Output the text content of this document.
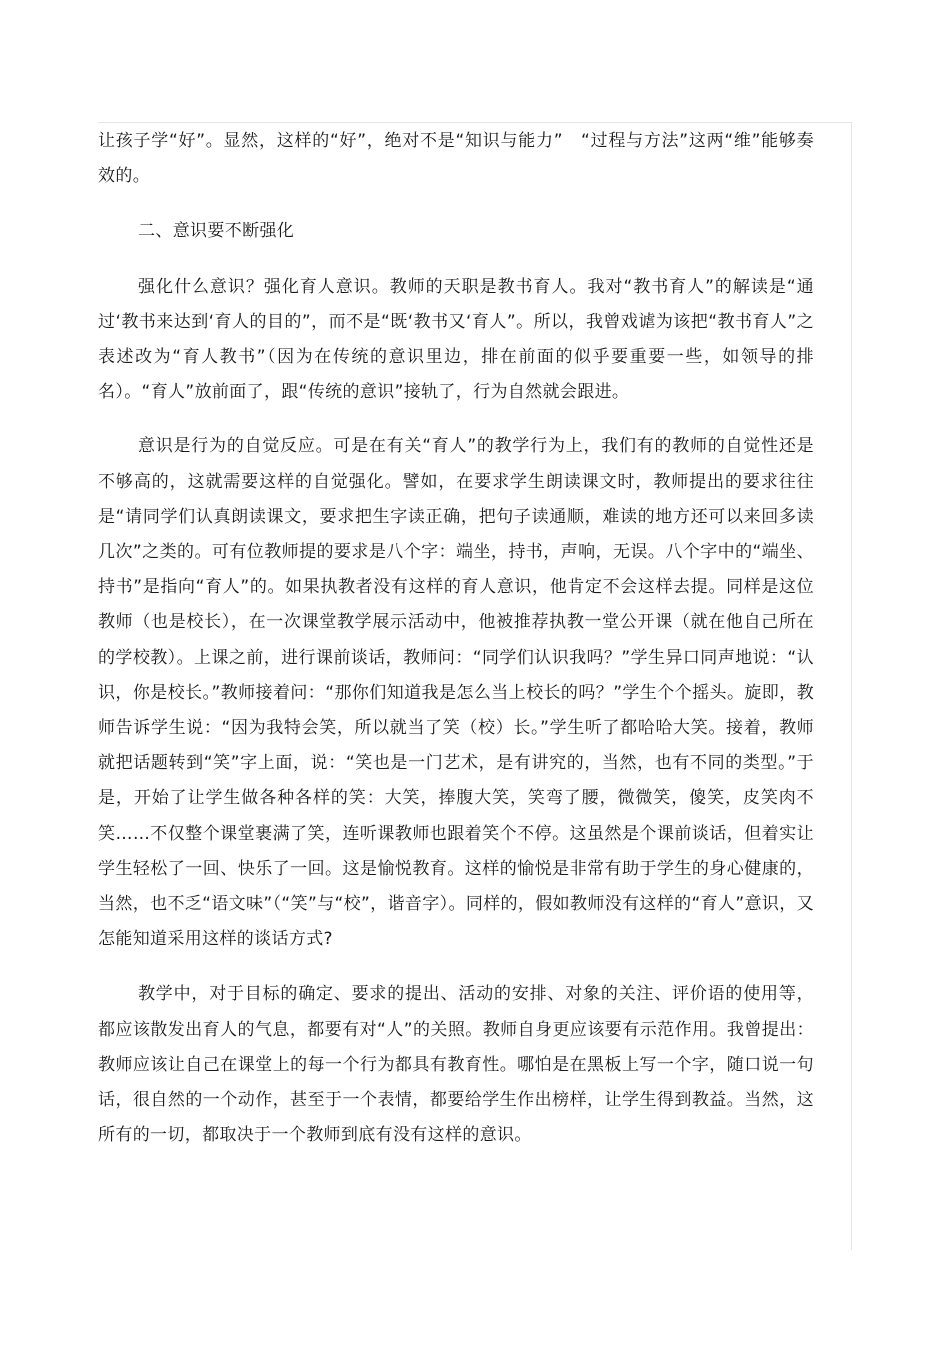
让孩子学“好”。显然，这样的“好”，绝对不是“知识与能力”　“过程与方法”这两“维”能够奏效的。

二、意识要不断强化

强化什么意识？强化育人意识。教师的天职是教书育人。我对“教书育人”的解读是“通过‘教书来达到‘育人的目的”，而不是“既‘教书又‘育人”。所以，我曾戏谑为该把“教书育人”之表述改为“育人教书”（因为在传统的意识里边，排在前面的似乎要重要一些，如领导的排名）。“育人”放前面了，跟“传统的意识”接轨了，行为自然就会跟进。

意识是行为的自觉反应。可是在有关“育人”的教学行为上，我们有的教师的自觉性还是不够高的，这就需要这样的自觉强化。譬如，在要求学生朗读课文时，教师提出的要求往往是“请同学们认真朗读课文，要求把生字读正确，把句子读通顺，难读的地方还可以来回多读几次”之类的。可有位教师提的要求是八个字：端坐，持书，声响，无误。八个字中的“端坐、持书”是指向“育人”的。如果执教者没有这样的育人意识，他肯定不会这样去提。同样是这位教师（也是校长），在一次课堂教学展示活动中，他被推荐执教一堂公开课（就在他自己所在的学校教）。上课之前，进行课前谈话，教师问：“同学们认识我吗？”学生异口同声地说：“认识，你是校长。”教师接着问：“那你们知道我是怎么当上校长的吗？”学生个个摇头。旋即，教师告诉学生说：“因为我特会笑，所以就当了笑（校）长。”学生听了都哈哈大笑。接着，教师就把话题转到“笑”字上面，说：“笑也是一门艺术，是有讲究的，当然，也有不同的类型。”于是，开始了让学生做各种各样的笑：大笑，捧腹大笑，笑弯了腰，微微笑，傻笑，皮笑肉不笑……不仅整个课堂裹满了笑，连听课教师也跟着笑个不停。这虽然是个课前谈话，但着实让学生轻松了一回、快乐了一回。这是愉悦教育。这样的愉悦是非常有助于学生的身心健康的，当然，也不乏“语文味”（“笑”与“校”，谐音字）。同样的，假如教师没有这样的“育人”意识，又怎能知道采用这样的谈话方式?

教学中，对于目标的确定、要求的提出、活动的安排、对象的关注、评价语的使用等，都应该散发出育人的气息，都要有对“人”的关照。教师自身更应该要有示范作用。我曾提出：教师应该让自己在课堂上的每一个行为都具有教育性。哪怕是在黑板上写一个字，随口说一句话，很自然的一个动作，甚至于一个表情，都要给学生作出榜样，让学生得到教益。当然，这所有的一切，都取决于一个教师到底有没有这样的意识。
